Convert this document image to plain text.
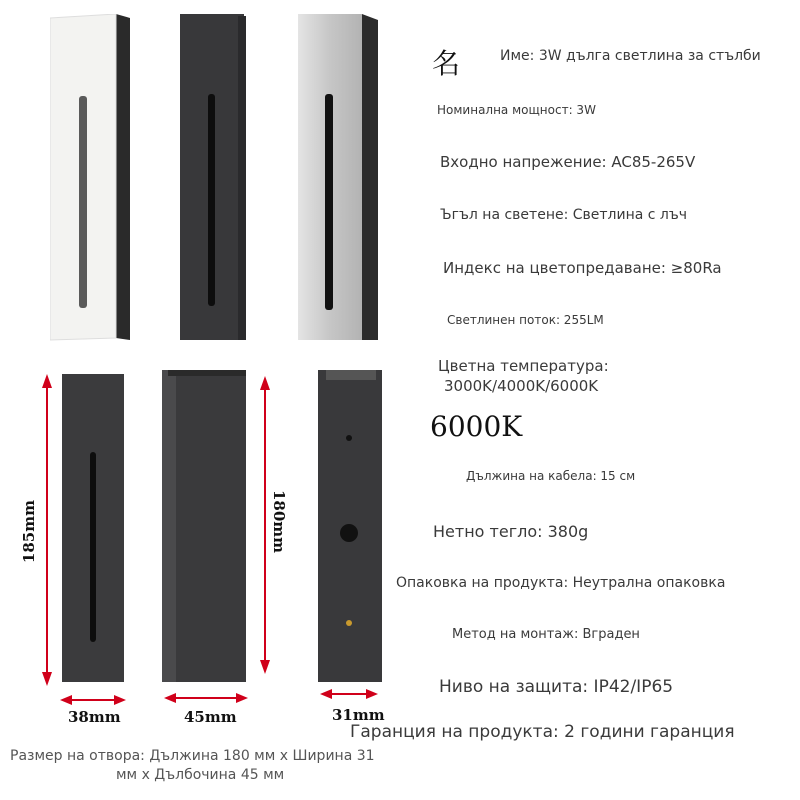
185mm
38mm
180mm
45mm	31mm
Размер на отвора: Дължина 180 мм x Ширина 31
мм x Дълбочина 45 мм
名	Име: 3W дълга светлина за стълби
Номинална мощност: 3W
Входно напрежение: AC85-265V
Ъгъл на светене: Светлина с лъч
Индекс на цветопредаване: ≥80Ra
Светлинен поток: 255LM
Цветна температура:
3000K/4000K/6000K
6000K
Дължина на кабела: 15 см
Нетно тегло: 380g
Опаковка на продукта: Неутрална опаковка
Метод на монтаж: Вграден
Ниво на защита: IP42/IP65
Гаранция на продукта: 2 години гаранция
